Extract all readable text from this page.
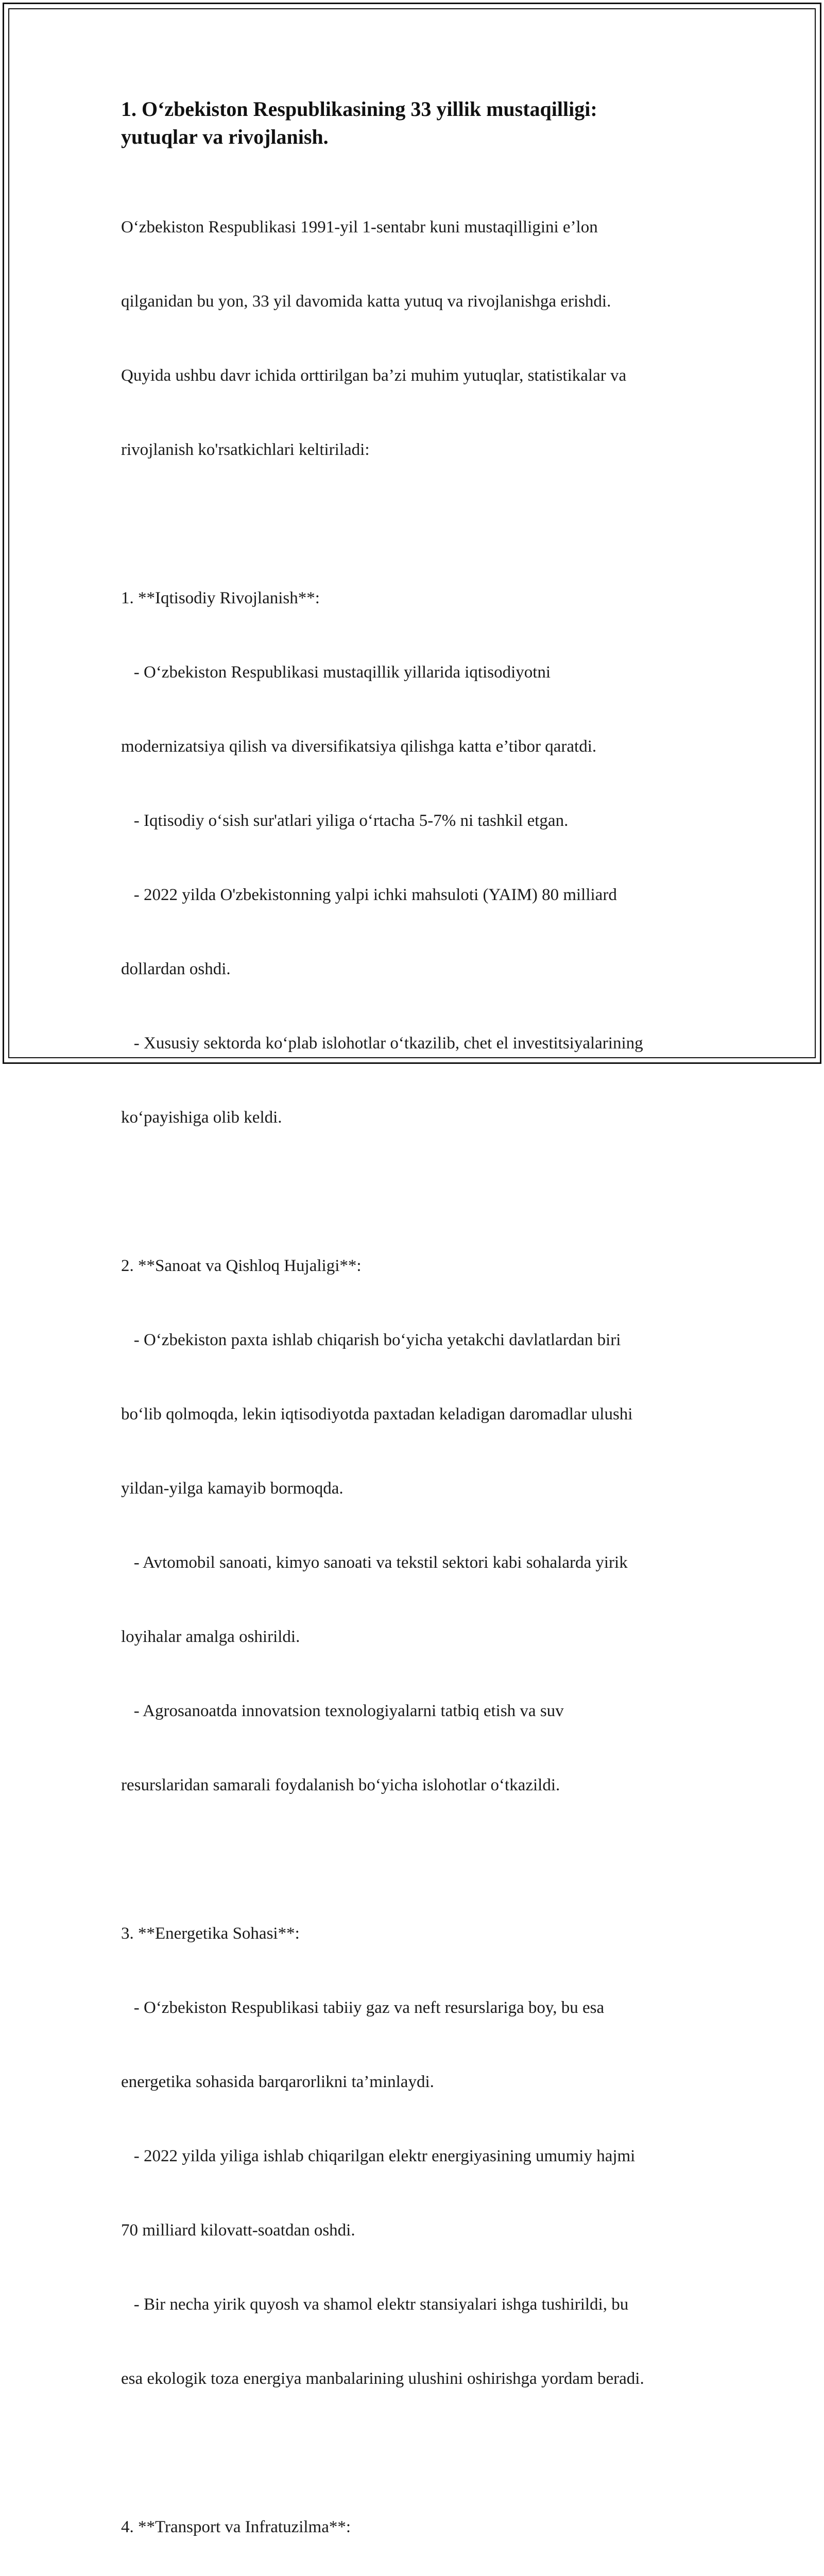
1. O‘zbekiston Respublikasining 33 yillik mustaqilligi:
yutuqlar va rivojlanish.

O‘zbekiston Respublikasi 1991-yil 1-sentabr kuni mustaqilligini e’lon

qilganidan bu yon, 33 yil davomida katta yutuq va rivojlanishga erishdi.

Quyida ushbu davr ichida orttirilgan ba’zi muhim yutuqlar, statistikalar va

rivojlanish ko'rsatkichlari keltiriladi:

1. **Iqtisodiy Rivojlanish**:

- O‘zbekiston Respublikasi mustaqillik yillarida iqtisodiyotni

modernizatsiya qilish va diversifikatsiya qilishga katta e’tibor qaratdi.

- Iqtisodiy o‘sish sur'atlari yiliga o‘rtacha 5-7% ni tashkil etgan.

- 2022 yilda O'zbekistonning yalpi ichki mahsuloti (YAIM) 80 milliard

dollardan oshdi.

- Xususiy sektorda ko‘plab islohotlar o‘tkazilib, chet el investitsiyalarining

ko‘payishiga olib keldi.

2. **Sanoat va Qishloq Hujaligi**:

- O‘zbekiston paxta ishlab chiqarish bo‘yicha yetakchi davlatlardan biri

bo‘lib qolmoqda, lekin iqtisodiyotda paxtadan keladigan daromadlar ulushi

yildan-yilga kamayib bormoqda.

- Avtomobil sanoati, kimyo sanoati va tekstil sektori kabi sohalarda yirik

loyihalar amalga oshirildi.

- Agrosanoatda innovatsion texnologiyalarni tatbiq etish va suv

resurslaridan samarali foydalanish bo‘yicha islohotlar o‘tkazildi.

3. **Energetika Sohasi**:

- O‘zbekiston Respublikasi tabiiy gaz va neft resurslariga boy, bu esa

energetika sohasida barqarorlikni ta’minlaydi.

- 2022 yilda yiliga ishlab chiqarilgan elektr energiyasining umumiy hajmi

70 milliard kilovatt-soatdan oshdi.

- Bir necha yirik quyosh va shamol elektr stansiyalari ishga tushirildi, bu

esa ekologik toza energiya manbalarining ulushini oshirishga yordam beradi.

4. **Transport va Infratuzilma**:
